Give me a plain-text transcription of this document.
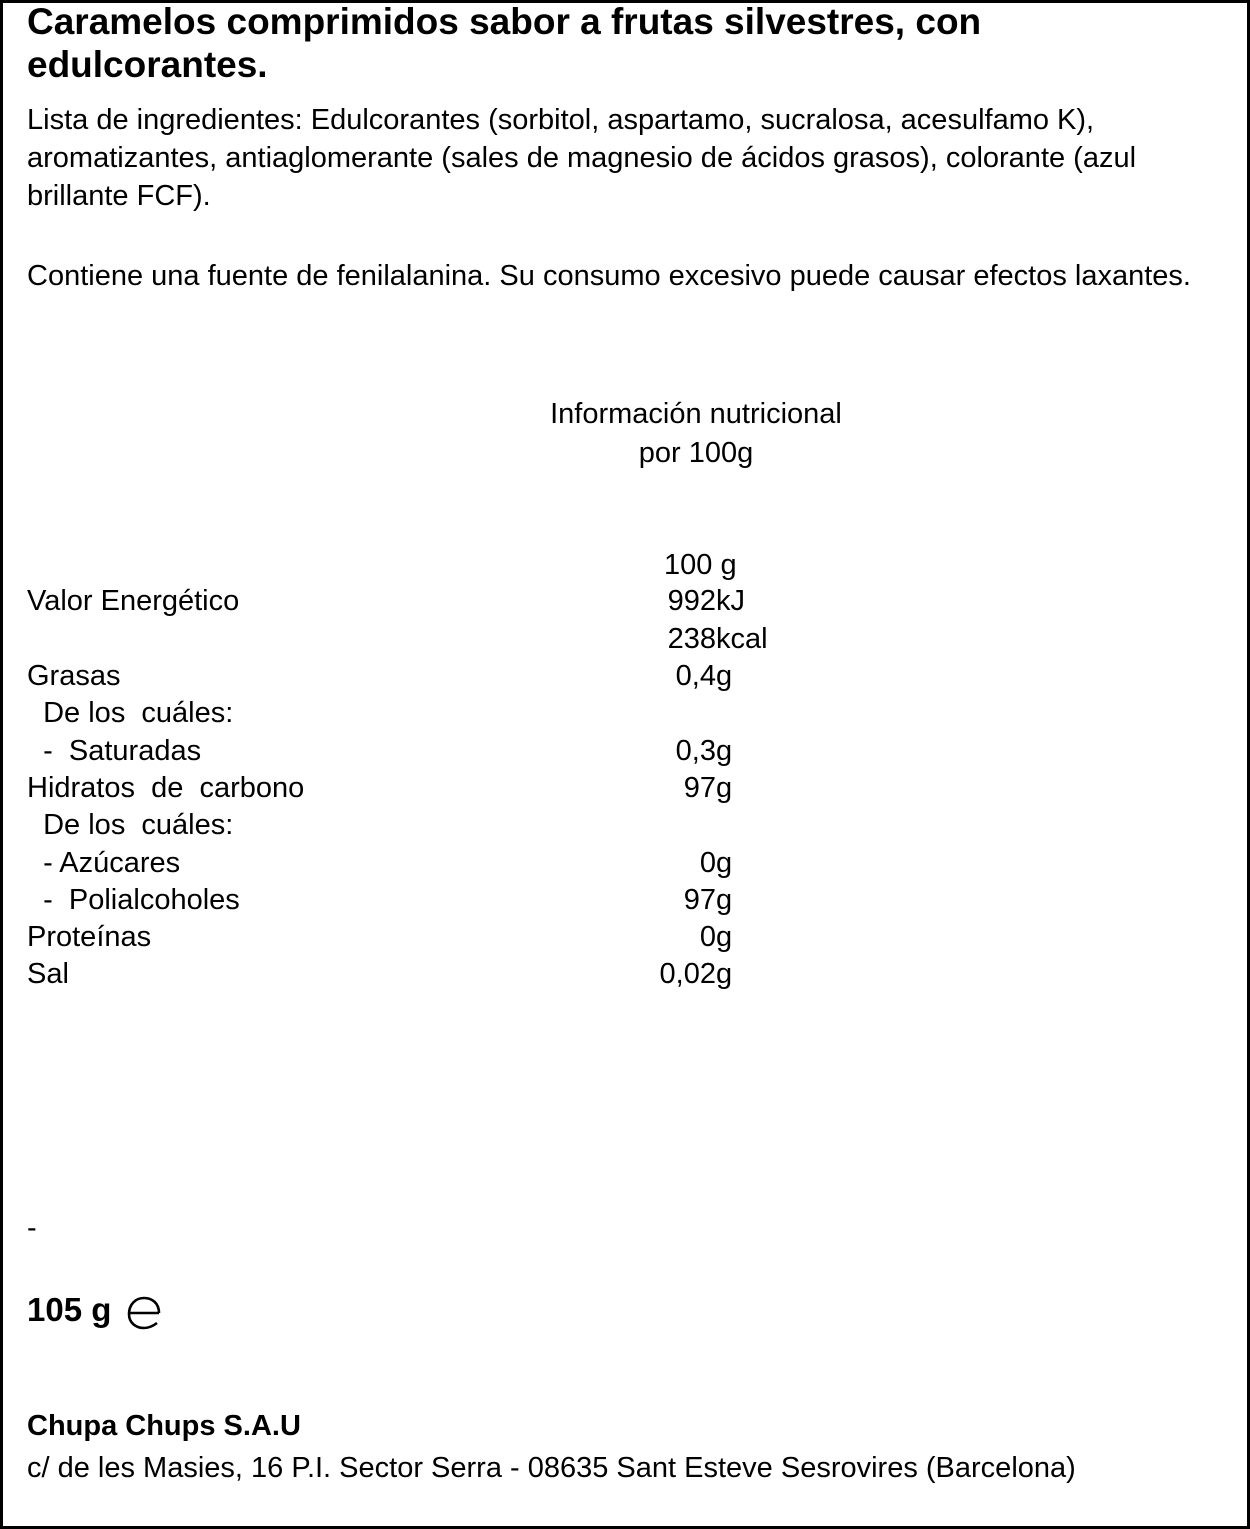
Caramelos comprimidos sabor a frutas silvestres, con edulcorantes.
Lista de ingredientes: Edulcorantes (sorbitol, aspartamo, sucralosa, acesulfamo K), aromatizantes, antiaglomerante (sales de magnesio de ácidos grasos), colorante (azul brillante FCF).
Contiene una fuente de fenilalanina. Su consumo excesivo puede causar efectos laxantes.
Información nutricional
por 100g
100 g
Valor Energético	992 kJ
238 kcal
Grasas	0,4 g
De los  cuáles:
-  Saturadas	0,3 g
Hidratos  de  carbono	97 g
De los  cuáles:
- Azúcares	0 g
-  Polialcoholes	97 g
Proteínas	0 g
Sal	0,02 g
-
105 g
Chupa Chups S.A.U
c/ de les Masies, 16 P.I. Sector Serra - 08635 Sant Esteve Sesrovires (Barcelona)
